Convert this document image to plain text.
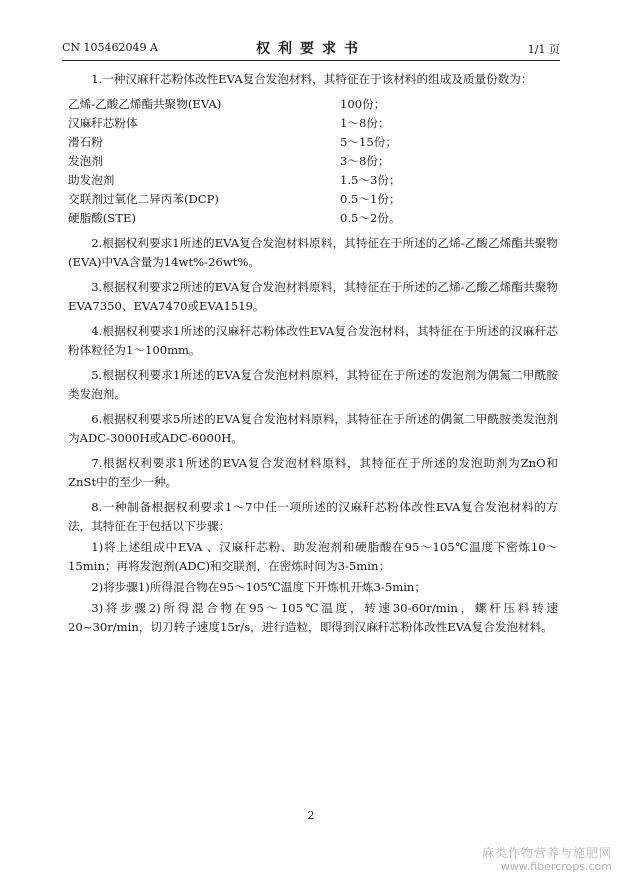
CN 105462049 A	权利要求书	1/1 页

1.一种汉麻秆芯粉体改性EVA复合发泡材料，其特征在于该材料的组成及质量份数为：

乙烯-乙酸乙烯酯共聚物(EVA)	100份；
汉麻秆芯粉体	1～8份；
滑石粉	5～15份；
发泡剂	3～8份；
助发泡剂	1.5～3份；
交联剂过氧化二异丙苯(DCP)	0.5～1份；
硬脂酸(STE)	0.5～2份。

2.根据权利要求1所述的EVA复合发泡材料原料，其特征在于所述的乙烯-乙酸乙烯酯共聚物(EVA)中VA含量为14wt%-26wt%。

3.根据权利要求2所述的EVA复合发泡材料原料，其特征在于所述的乙烯-乙酸乙烯酯共聚物EVA7350、EVA7470或EVA1519。

4.根据权利要求1所述的汉麻秆芯粉体改性EVA复合发泡材料，其特征在于所述的汉麻秆芯粉体粒径为1～100mm。

5.根据权利要求1所述的EVA复合发泡材料原料，其特征在于所述的发泡剂为偶氮二甲酰胺类发泡剂。

6.根据权利要求5所述的EVA复合发泡材料原料，其特征在于所述的偶氮二甲酰胺类发泡剂为ADC-3000H或ADC-6000H。

7.根据权利要求1所述的EVA复合发泡材料原料，其特征在于所述的发泡助剂为ZnO和ZnSt中的至少一种。

8.一种制备根据权利要求1～7中任一项所述的汉麻秆芯粉体改性EVA复合发泡材料的方法，其特征在于包括以下步骤：

1)将上述组成中EVA 、汉麻秆芯粉、助发泡剂和硬脂酸在95～105℃温度下密炼10～15min；再将发泡剂(ADC)和交联剂，在密炼时间为3-5min；

2)将步骤1)所得混合物在95～105℃温度下开炼机开炼3-5min；

3)将步骤2)所得混合物在95～105℃温度，转速30-60r/min，螺杆压料转速20~30r/min，切刀转子速度15r/s，进行造粒，即得到汉麻秆芯粉体改性EVA复合发泡材料。

2
麻类作物营养与施肥网
www.fibercrops.com
